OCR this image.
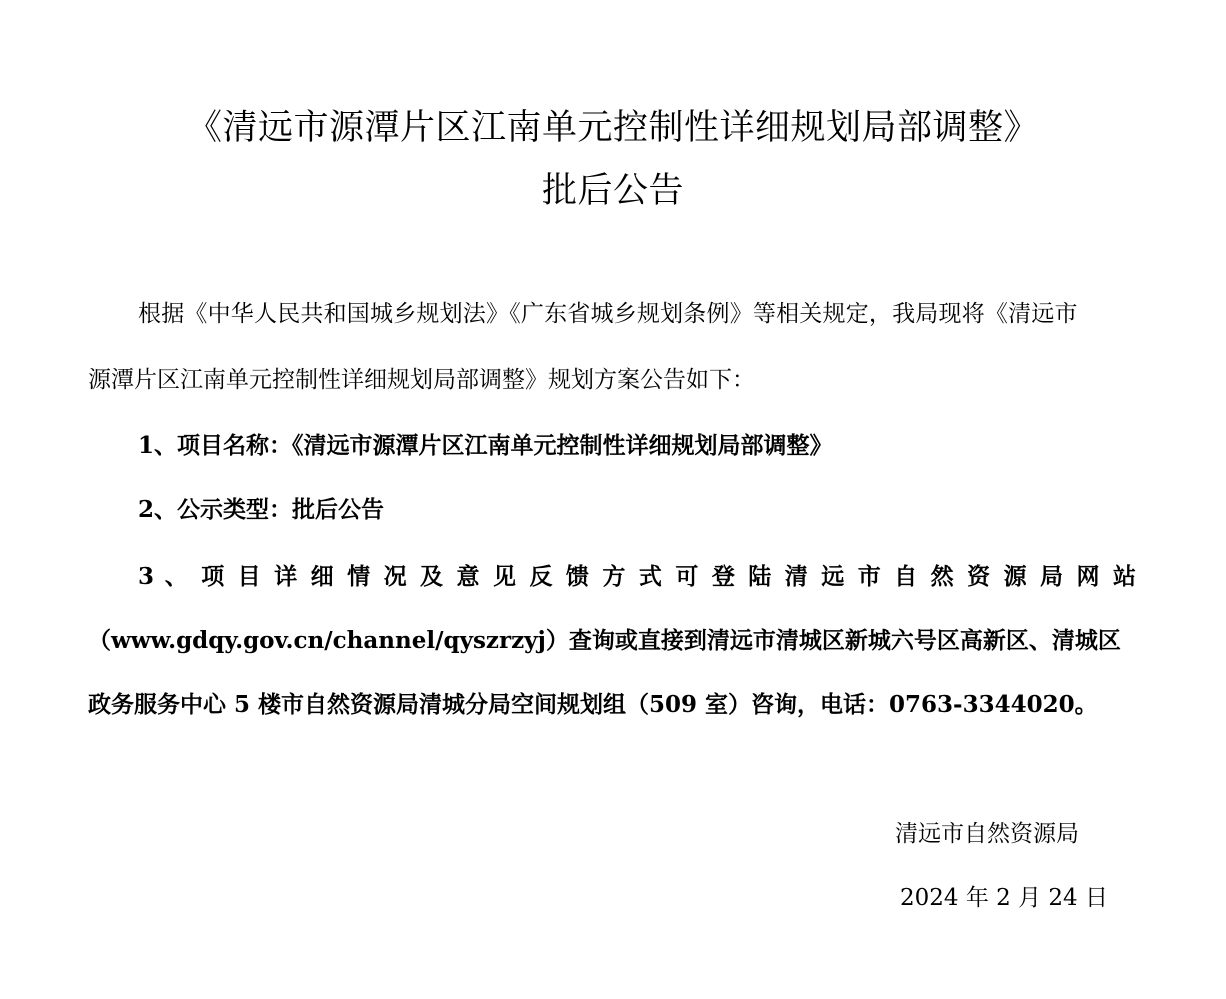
《清远市源潭片区江南单元控制性详细规划局部调整》
批后公告
根据《中华人民共和国城乡规划法》《广东省城乡规划条例》等相关规定，我局现将《清远市
源潭片区江南单元控制性详细规划局部调整》规划方案公告如下：
1、项目名称：《清远市源潭片区江南单元控制性详细规划局部调整》
2、公示类型：批后公告
3 、 项 目 详 细 情 况 及 意 见 反 馈 方 式 可 登 陆 清 远 市 自 然 资 源 局 网 站
（www.gdqy.gov.cn/channel/qyszrzyj）查询或直接到清远市清城区新城六号区高新区、清城区
政务服务中心 5 楼市自然资源局清城分局空间规划组（509 室）咨询，电话：0763-3344020。
清远市自然资源局
2024 年 2 月 24 日
